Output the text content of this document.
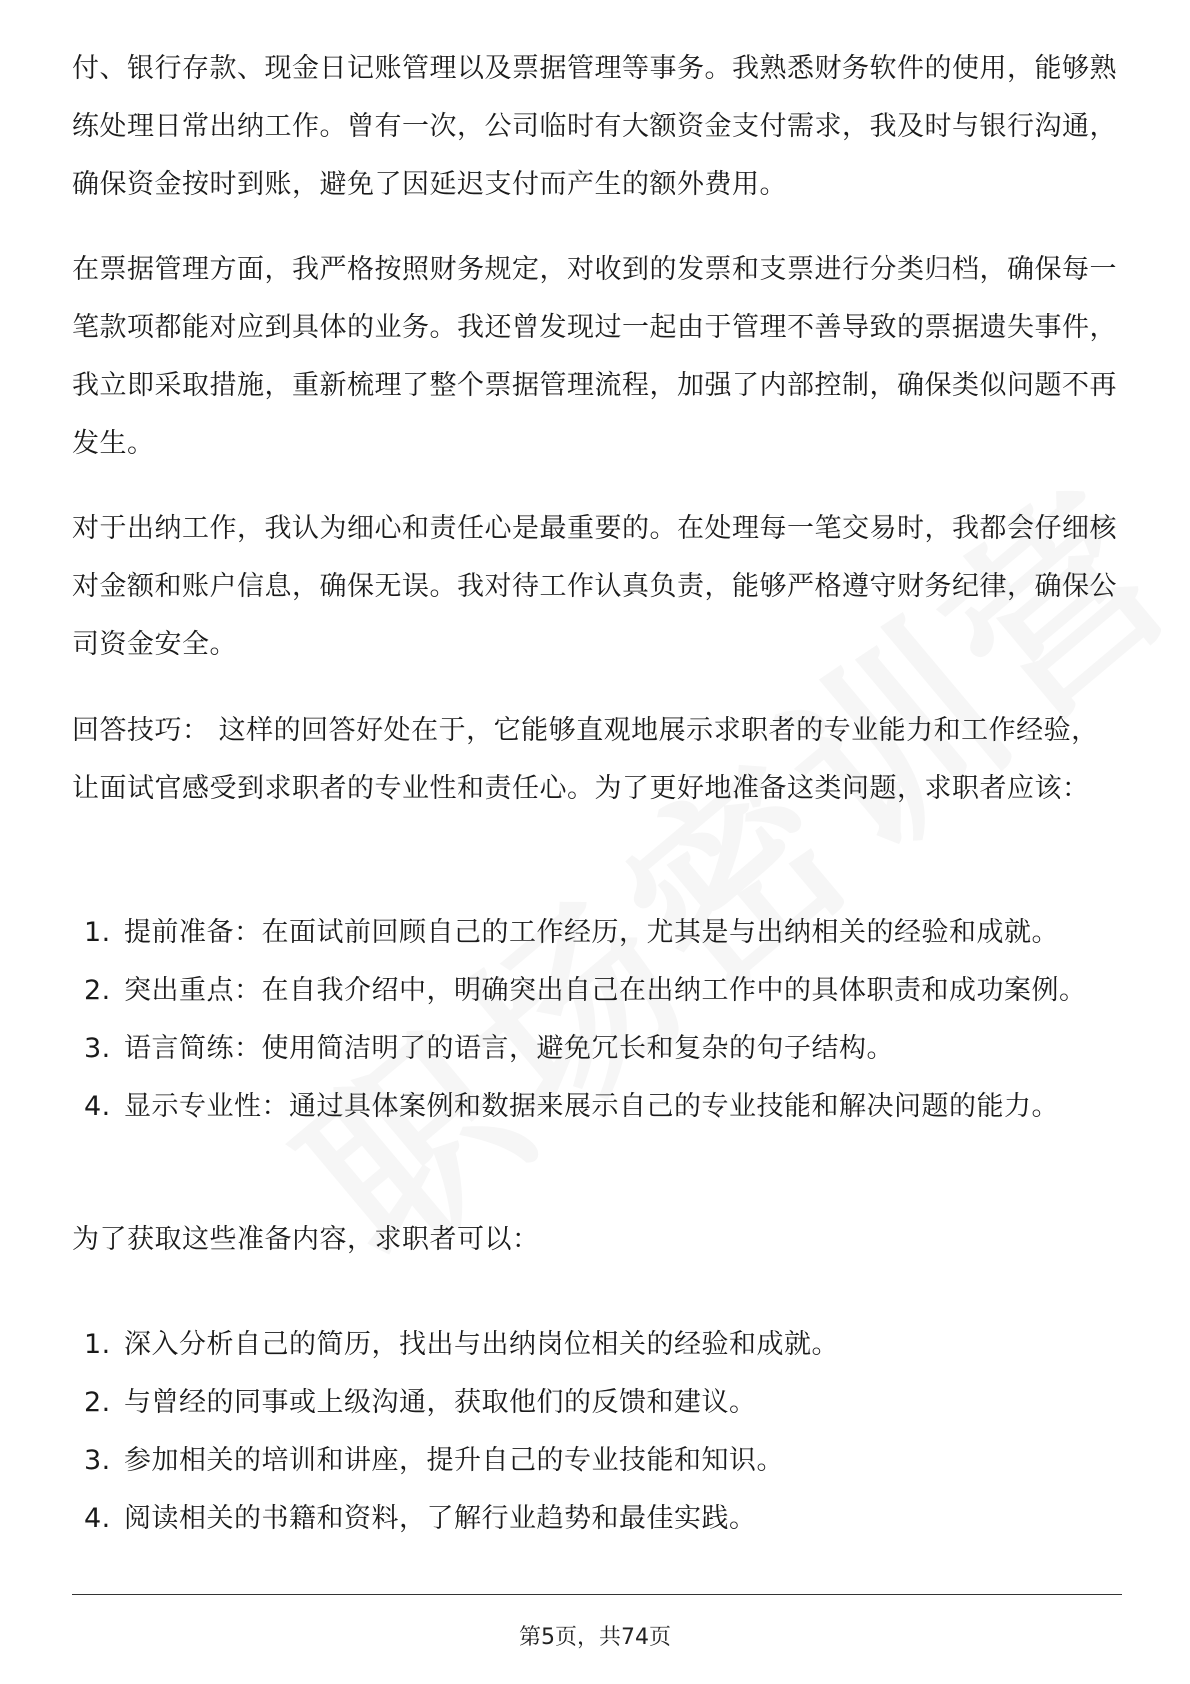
付、银行存款、现金日记账管理以及票据管理等事务。我熟悉财务软件的使用，能够熟练处理日常出纳工作。曾有一次，公司临时有大额资金支付需求，我及时与银行沟通，确保资金按时到账，避免了因延迟支付而产生的额外费用。

在票据管理方面，我严格按照财务规定，对收到的发票和支票进行分类归档，确保每一笔款项都能对应到具体的业务。我还曾发现过一起由于管理不善导致的票据遗失事件，我立即采取措施，重新梳理了整个票据管理流程，加强了内部控制，确保类似问题不再发生。

对于出纳工作，我认为细心和责任心是最重要的。在处理每一笔交易时，我都会仔细核对金额和账户信息，确保无误。我对待工作认真负责，能够严格遵守财务纪律，确保公司资金安全。

回答技巧： 这样的回答好处在于，它能够直观地展示求职者的专业能力和工作经验，让面试官感受到求职者的专业性和责任心。为了更好地准备这类问题，求职者应该：

1. 提前准备：在面试前回顾自己的工作经历，尤其是与出纳相关的经验和成就。
2. 突出重点：在自我介绍中，明确突出自己在出纳工作中的具体职责和成功案例。
3. 语言简练：使用简洁明了的语言，避免冗长和复杂的句子结构。
4. 显示专业性：通过具体案例和数据来展示自己的专业技能和解决问题的能力。

为了获取这些准备内容，求职者可以：

1. 深入分析自己的简历，找出与出纳岗位相关的经验和成就。
2. 与曾经的同事或上级沟通，获取他们的反馈和建议。
3. 参加相关的培训和讲座，提升自己的专业技能和知识。
4. 阅读相关的书籍和资料，了解行业趋势和最佳实践。
第5页，共74页
